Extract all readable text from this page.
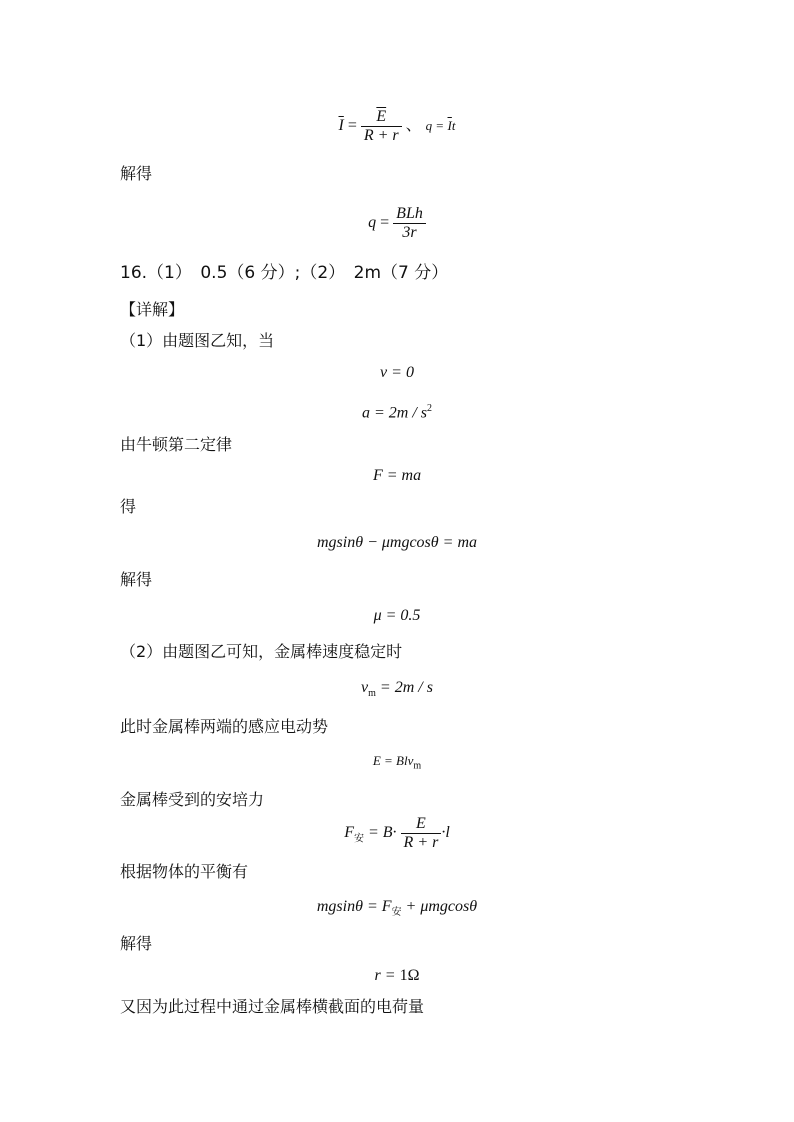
$\overline{I} = \frac{\overline{E}}{R + r}$ 、 $q = \overline{I}t$
解得
$q = \frac{\text{BLh}}{3r}$
16.（1）　0.5（6 分）;（2）　2m（7 分）
【详解】
（1）由题图乙知，当
v = 0
$a = 2m / s^2$
由牛顿第二定律
F = ma
得
mgsinθ − μmgcosθ = ma
解得
μ = 0.5
（2）由题图乙可知，金属棒速度稳定时
$v_m = 2m / s$
此时金属棒两端的感应电动势
E = Blv$_m$
金属棒受到的安培力
$F_安 = B\cdot \frac{E}{R + r} \cdot l$
根据物体的平衡有
$mgsin\theta = F_安 + \mu mgcos\theta$
解得
r = 1Ω
又因为此过程中通过金属棒横截面的电荷量
